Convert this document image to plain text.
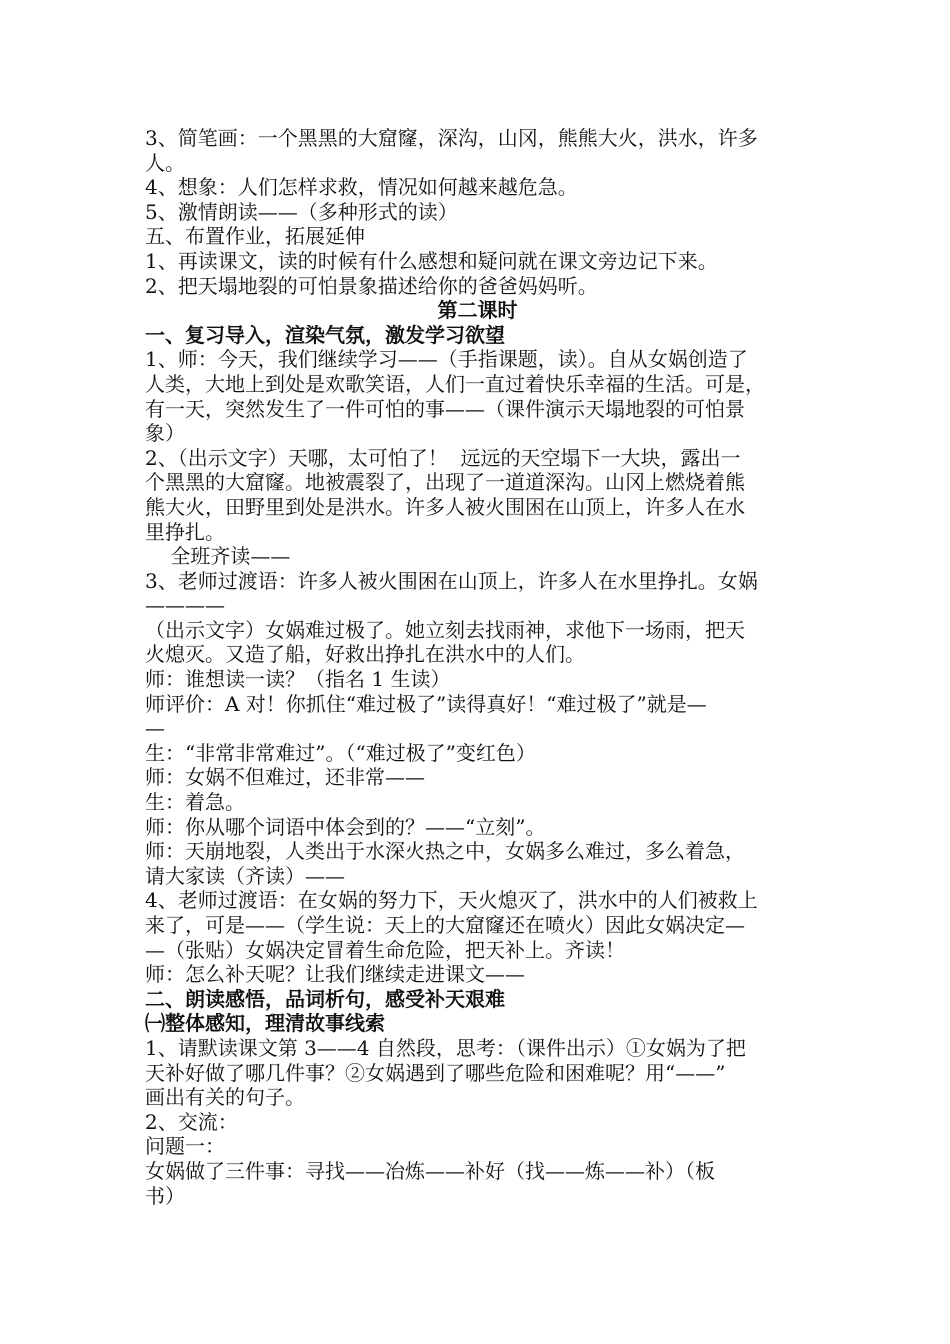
3、简笔画：一个黑黑的大窟窿，深沟，山冈，熊熊大火，洪水，许多
人。
4、想象：人们怎样求救，情况如何越来越危急。
5、激情朗读——（多种形式的读）
五、布置作业，拓展延伸
1、再读课文，读的时候有什么感想和疑问就在课文旁边记下来。
2、把天塌地裂的可怕景象描述给你的爸爸妈妈听。
第二课时
一、复习导入，渲染气氛，激发学习欲望
1、师：今天，我们继续学习——（手指课题，读）。自从女娲创造了
人类，大地上到处是欢歌笑语，人们一直过着快乐幸福的生活。可是，
有一天，突然发生了一件可怕的事——（课件演示天塌地裂的可怕景
象）
2、（出示文字）天哪，太可怕了！  远远的天空塌下一大块，露出一
个黑黑的大窟窿。地被震裂了，出现了一道道深沟。山冈上燃烧着熊
熊大火，田野里到处是洪水。许多人被火围困在山顶上，许多人在水
里挣扎。
全班齐读——
3、老师过渡语：许多人被火围困在山顶上，许多人在水里挣扎。女娲
————
（出示文字）女娲难过极了。她立刻去找雨神，求他下一场雨，把天
火熄灭。又造了船，好救出挣扎在洪水中的人们。
师：谁想读一读？（指名 1 生读）
师评价：A 对！你抓住“难过极了”读得真好！“难过极了”就是—
—
生：“非常非常难过”。（“难过极了”变红色）
师：女娲不但难过，还非常——
生：着急。
师：你从哪个词语中体会到的？——“立刻”。
师：天崩地裂，人类出于水深火热之中，女娲多么难过，多么着急，
请大家读（齐读）——
4、老师过渡语：在女娲的努力下，天火熄灭了，洪水中的人们被救上
来了，可是——（学生说：天上的大窟窿还在喷火）因此女娲决定—
—（张贴）女娲决定冒着生命危险，把天补上。齐读！
师：怎么补天呢？让我们继续走进课文——
二、朗读感悟，品词析句，感受补天艰难
㈠整体感知，理清故事线索
1、请默读课文第 3——4 自然段，思考：（课件出示）①女娲为了把
天补好做了哪几件事？②女娲遇到了哪些危险和困难呢？用“——”
画出有关的句子。
2、交流：
问题一：
女娲做了三件事：寻找——冶炼——补好（找——炼——补）（板
书）
